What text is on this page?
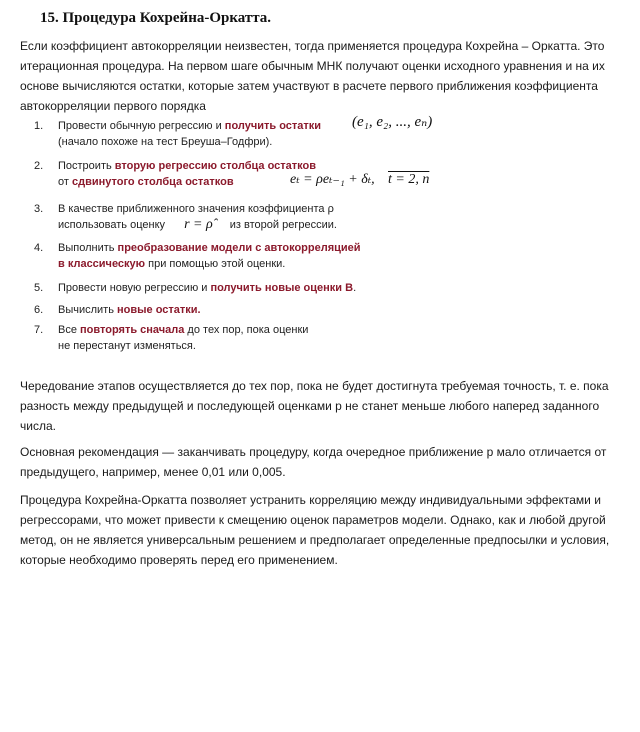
15. Процедура Кохрейна-Оркатта.
Если коэффициент автокорреляции неизвестен, тогда применяется процедура Кохрейна – Оркатта. Это итерационная процедура. На первом шаге обычным МНК получают оценки исходного уравнения и на их основе вычисляются остатки, которые затем участвуют в расчете первого приближения коэффициента автокорреляции первого порядка
1.	Провести обычную регрессию и получить остатки
(начало похоже на тест Бреуша–Годфри).
(e₁, e₂, ..., eₙ)
2.	Построить вторую регрессию столбца остатков
от сдвинутого столбца остатков	eₜ = ρeₜ₋₁ + δₜ, t = 2, n
3.	В качестве приближенного значения коэффициента ρ
использовать оценку r = ρ̂ из второй регрессии.
4.	Выполнить преобразование модели с автокорреляцией
в классическую при помощью этой оценки.
5.	Провести новую регрессию и получить новые оценки B.
6.	Вычислить новые остатки.
7.	Все повторять сначала до тех пор, пока оценки
не перестанут изменяться.
Чередование этапов осуществляется до тех пор, пока не будет достигнута требуемая точность, т. е. пока разность между предыдущей и последующей оценками р не станет меньше любого наперед заданного числа.
Основная рекомендация — заканчивать процедуру, когда очередное приближение р мало отличается от предыдущего, например, менее 0,01 или 0,005.
Процедура Кохрейна-Оркатта позволяет устранить корреляцию между индивидуальными эффектами и регрессорами, что может привести к смещению оценок параметров модели. Однако, как и любой другой метод, он не является универсальным решением и предполагает определенные предпосылки и условия, которые необходимо проверять перед его применением.
